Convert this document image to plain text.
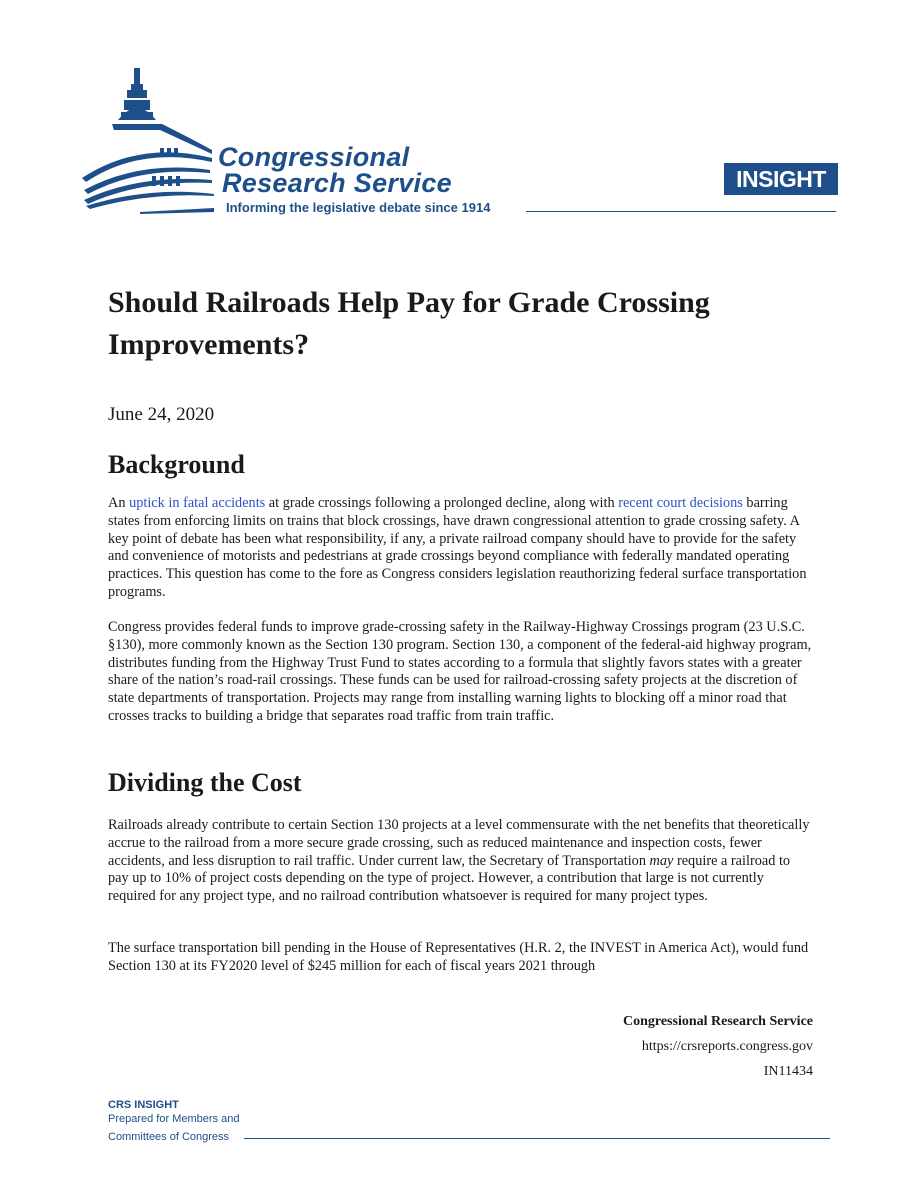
Congressional
Research Service
Informing the legislative debate since 1914
INSIGHT
Should Railroads Help Pay for Grade Crossing Improvements?
June 24, 2020
Background

An uptick in fatal accidents at grade crossings following a prolonged decline, along with recent court decisions barring states from enforcing limits on trains that block crossings, have drawn congressional attention to grade crossing safety. A key point of debate has been what responsibility, if any, a private railroad company should have to provide for the safety and convenience of motorists and pedestrians at grade crossings beyond compliance with federally mandated operating practices. This question has come to the fore as Congress considers legislation reauthorizing federal surface transportation programs.

Congress provides federal funds to improve grade-crossing safety in the Railway-Highway Crossings program (23 U.S.C. §130), more commonly known as the Section 130 program. Section 130, a component of the federal-aid highway program, distributes funding from the Highway Trust Fund to states according to a formula that slightly favors states with a greater share of the nation’s road-rail crossings. These funds can be used for railroad-crossing safety projects at the discretion of state departments of transportation. Projects may range from installing warning lights to blocking off a minor road that crosses tracks to building a bridge that separates road traffic from train traffic.

Dividing the Cost

Railroads already contribute to certain Section 130 projects at a level commensurate with the net benefits that theoretically accrue to the railroad from a more secure grade crossing, such as reduced maintenance and inspection costs, fewer accidents, and less disruption to rail traffic. Under current law, the Secretary of Transportation may require a railroad to pay up to 10% of project costs depending on the type of project. However, a contribution that large is not currently required for any project type, and no railroad contribution whatsoever is required for many project types.

The surface transportation bill pending in the House of Representatives (H.R. 2, the INVEST in America Act), would fund Section 130 at its FY2020 level of $245 million for each of fiscal years 2021 through

Congressional Research Service
https://crsreports.congress.gov
IN11434
CRS INSIGHT
Prepared for Members and
Committees of Congress
